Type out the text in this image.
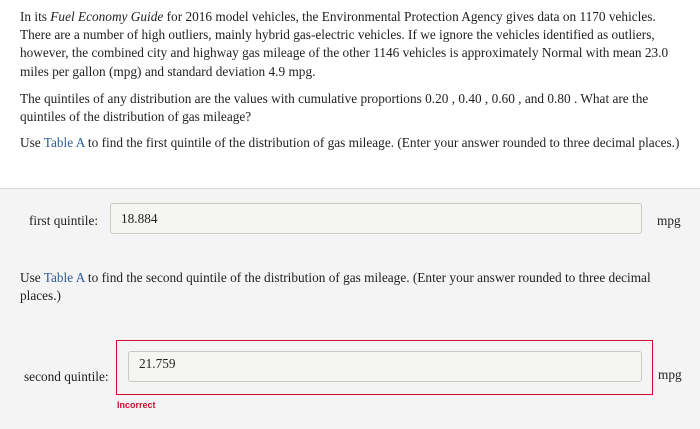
In its Fuel Economy Guide for 2016 model vehicles, the Environmental Protection Agency gives data on 1170 vehicles. There are a number of high outliers, mainly hybrid gas-electric vehicles. If we ignore the vehicles identified as outliers, however, the combined city and highway gas mileage of the other 1146 vehicles is approximately Normal with mean 23.0 miles per gallon (mpg) and standard deviation 4.9 mpg.

The quintiles of any distribution are the values with cumulative proportions 0.20 , 0.40 , 0.60 , and 0.80 . What are the quintiles of the distribution of gas mileage?

Use Table A to find the first quintile of the distribution of gas mileage. (Enter your answer rounded to three decimal places.)

first quintile:	18.884	mpg

Use Table A to find the second quintile of the distribution of gas mileage. (Enter your answer rounded to three decimal places.)

second quintile:
21.759
mpg
Incorrect
